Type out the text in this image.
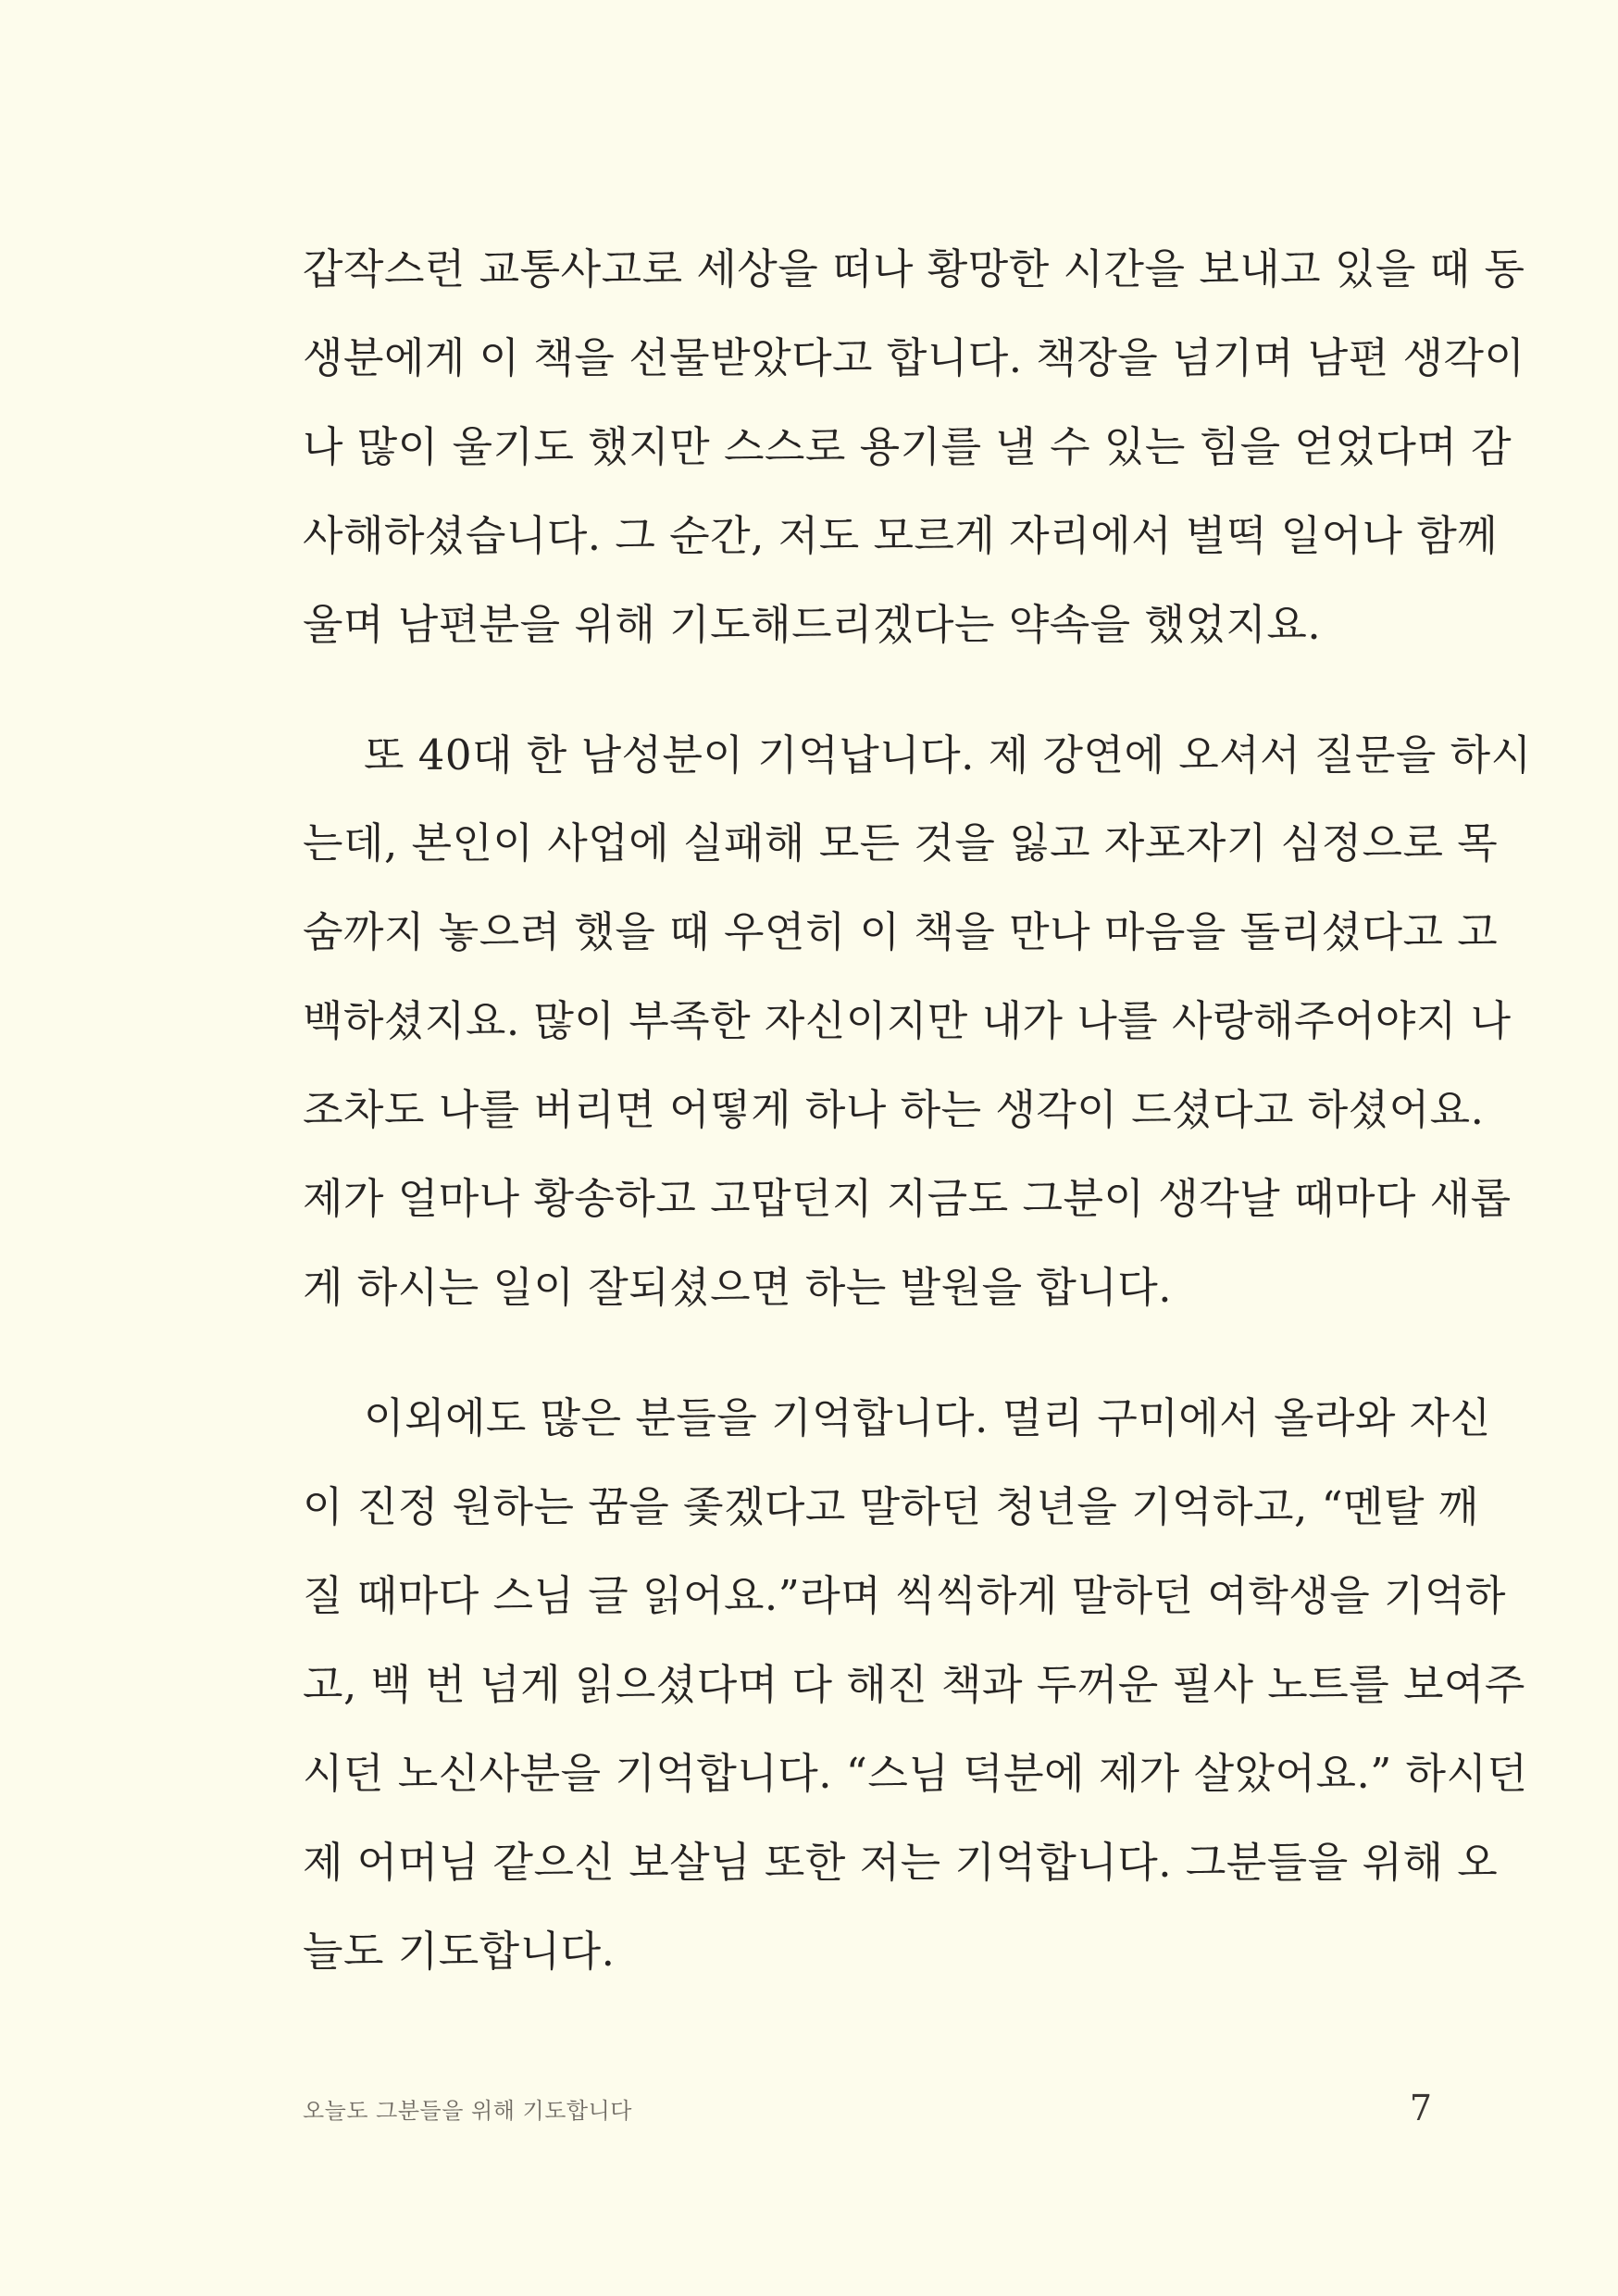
갑작스런 교통사고로 세상을 떠나 황망한 시간을 보내고 있을 때 동
생분에게 이 책을 선물받았다고 합니다. 책장을 넘기며 남편 생각이
나 많이 울기도 했지만 스스로 용기를 낼 수 있는 힘을 얻었다며 감
사해하셨습니다. 그 순간, 저도 모르게 자리에서 벌떡 일어나 함께
울며 남편분을 위해 기도해드리겠다는 약속을 했었지요.
또 40대 한 남성분이 기억납니다. 제 강연에 오셔서 질문을 하시
는데, 본인이 사업에 실패해 모든 것을 잃고 자포자기 심정으로 목
숨까지 놓으려 했을 때 우연히 이 책을 만나 마음을 돌리셨다고 고
백하셨지요. 많이 부족한 자신이지만 내가 나를 사랑해주어야지 나
조차도 나를 버리면 어떻게 하나 하는 생각이 드셨다고 하셨어요.
제가 얼마나 황송하고 고맙던지 지금도 그분이 생각날 때마다 새롭
게 하시는 일이 잘되셨으면 하는 발원을 합니다.
이외에도 많은 분들을 기억합니다. 멀리 구미에서 올라와 자신
이 진정 원하는 꿈을 좇겠다고 말하던 청년을 기억하고, “멘탈 깨
질 때마다 스님 글 읽어요.”라며 씩씩하게 말하던 여학생을 기억하
고, 백 번 넘게 읽으셨다며 다 해진 책과 두꺼운 필사 노트를 보여주
시던 노신사분을 기억합니다. “스님 덕분에 제가 살았어요.” 하시던
제 어머님 같으신 보살님 또한 저는 기억합니다. 그분들을 위해 오
늘도 기도합니다.
오늘도 그분들을 위해 기도합니다	7
